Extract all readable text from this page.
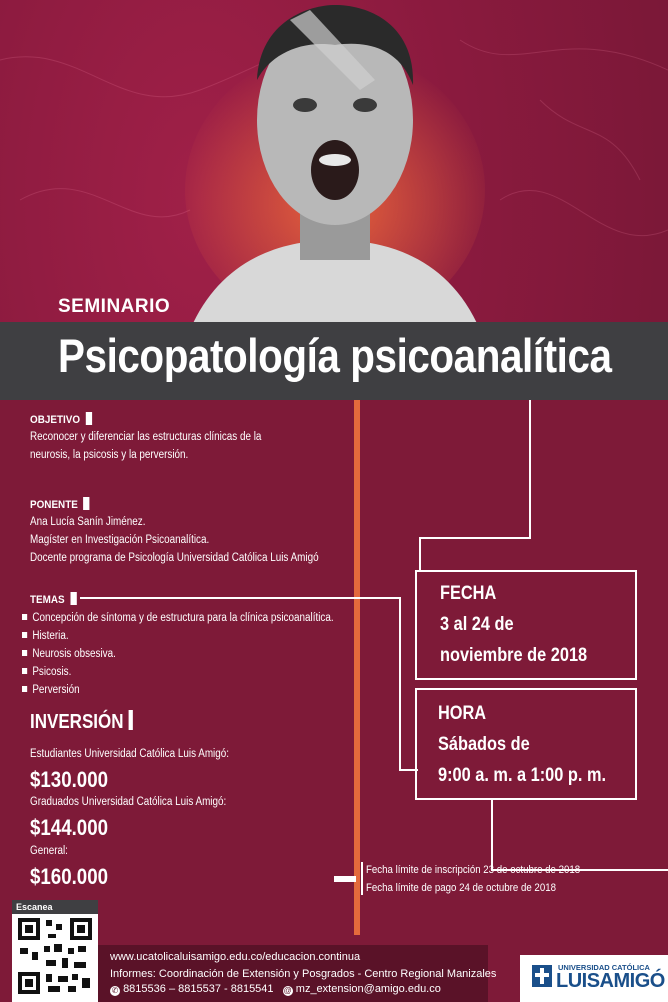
SEMINARIO
Psicopatología psicoanalítica
OBJETIVO
Reconocer y diferenciar las estructuras clínicas de la
neurosis, la psicosis y la perversión.
PONENTE
Ana Lucía Sanín Jiménez.
Magíster en Investigación Psicoanalítica.
Docente programa de Psicología Universidad Católica Luis Amigó
TEMAS
Concepción de síntoma y de estructura para la clínica psicoanalítica.
Histeria.
Neurosis obsesiva.
Psicosis.
Perversión
INVERSIÓN
Estudiantes Universidad Católica Luis Amigó:
$130.000
Graduados Universidad Católica Luis Amigó:
$144.000
General:
$160.000
FECHA
3 al 24 de
noviembre de 2018
HORA
Sábados de
9:00 a. m. a 1:00 p. m.
Fecha límite de inscripción 23 de octubre de 2018
Fecha límite de pago 24 de octubre de 2018
Escanea
www.ucatolicaluisamigo.edu.co/educacion.continua
Informes: Coordinación de Extensión y Posgrados - Centro Regional Manizales
✆ 8815536 – 8815537 - 8815541 @ mz_extension@amigo.edu.co
UNIVERSIDAD CATÓLICA
LUISAMIGÓ
